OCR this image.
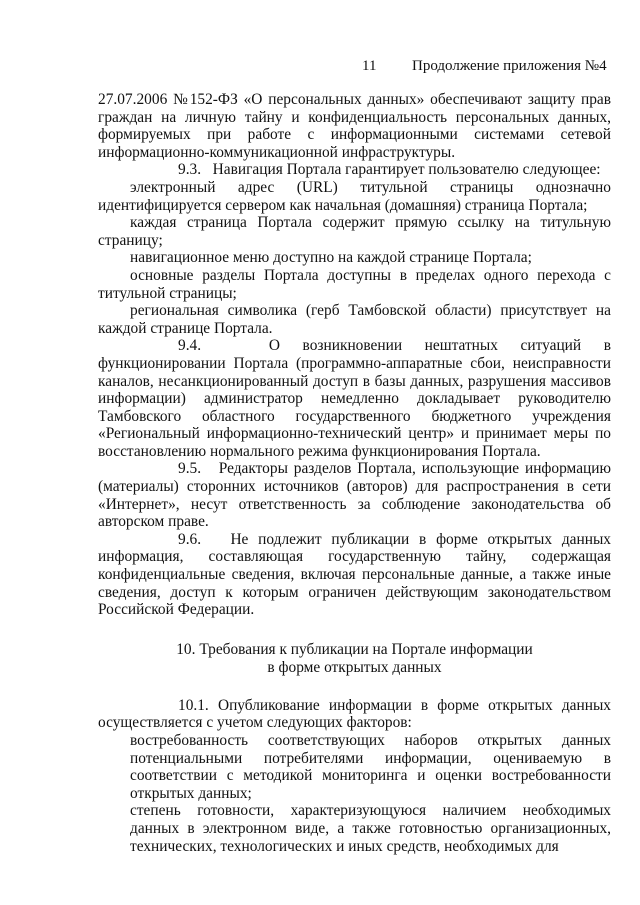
11 Продолжение приложения №4

27.07.2006 №152-ФЗ «О персональных данных» обеспечивают защиту прав граждан на личную тайну и конфиденциальность персональных данных, формируемых при работе с информационными системами сетевой информационно-коммуникационной инфраструктуры.

9.3. Навигация Портала гарантирует пользователю следующее:

электронный адрес (URL) титульной страницы однозначно идентифицируется сервером как начальная (домашняя) страница Портала;

каждая страница Портала содержит прямую ссылку на титульную страницу;

навигационное меню доступно на каждой странице Портала;

основные разделы Портала доступны в пределах одного перехода с титульной страницы;

региональная символика (герб Тамбовской области) присутствует на каждой странице Портала.

9.4.	О возникновении нештатных ситуаций в функционировании Портала (программно-аппаратные сбои, неисправности каналов, несанкционированный доступ в базы данных, разрушения массивов информации) администратор немедленно докладывает руководителю Тамбовского областного государственного бюджетного учреждения «Региональный информационно-технический центр» и принимает меры по восстановлению нормального режима функционирования Портала.

9.5. Редакторы разделов Портала, использующие информацию (материалы) сторонних источников (авторов) для распространения в сети «Интернет», несут ответственность за соблюдение законодательства об авторском праве.

9.6. Не подлежит публикации в форме открытых данных информация, составляющая государственную тайну, содержащая конфиденциальные сведения, включая персональные данные, а также иные сведения, доступ к которым ограничен действующим законодательством Российской Федерации.

10. Требования к публикации на Портале информации
в форме открытых данных

10.1. Опубликование информации в форме открытых данных осуществляется с учетом следующих факторов:

востребованность соответствующих наборов открытых данных потенциальными потребителями информации, оцениваемую в соответствии с методикой мониторинга и оценки востребованности открытых данных;

степень готовности, характеризующуюся наличием необходимых данных в электронном виде, а также готовностью организационных, технических, технологических и иных средств, необходимых для
